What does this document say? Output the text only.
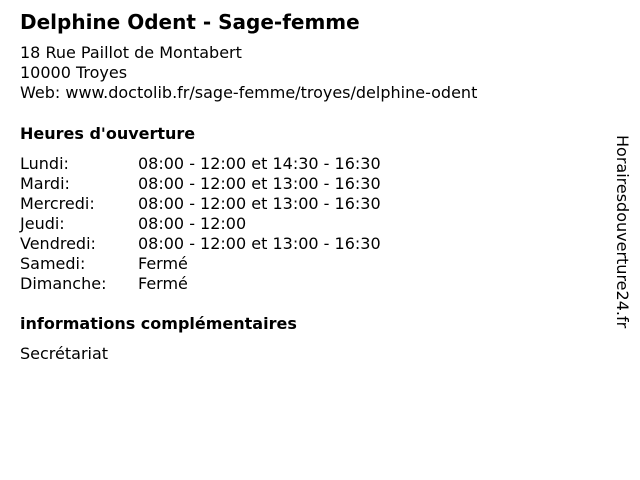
Delphine Odent - Sage-femme
18 Rue Paillot de Montabert
10000 Troyes
Web: www.doctolib.fr/sage-femme/troyes/delphine-odent
Heures d'ouverture
Lundi:	08:00 - 12:00 et 14:30 - 16:30
Mardi:	08:00 - 12:00 et 13:00 - 16:30
Mercredi:	08:00 - 12:00 et 13:00 - 16:30
Jeudi:	08:00 - 12:00
Vendredi:	08:00 - 12:00 et 13:00 - 16:30
Samedi:	Fermé
Dimanche: Fermé
informations complémentaires
Secrétariat
Horairesdouverture24.fr
